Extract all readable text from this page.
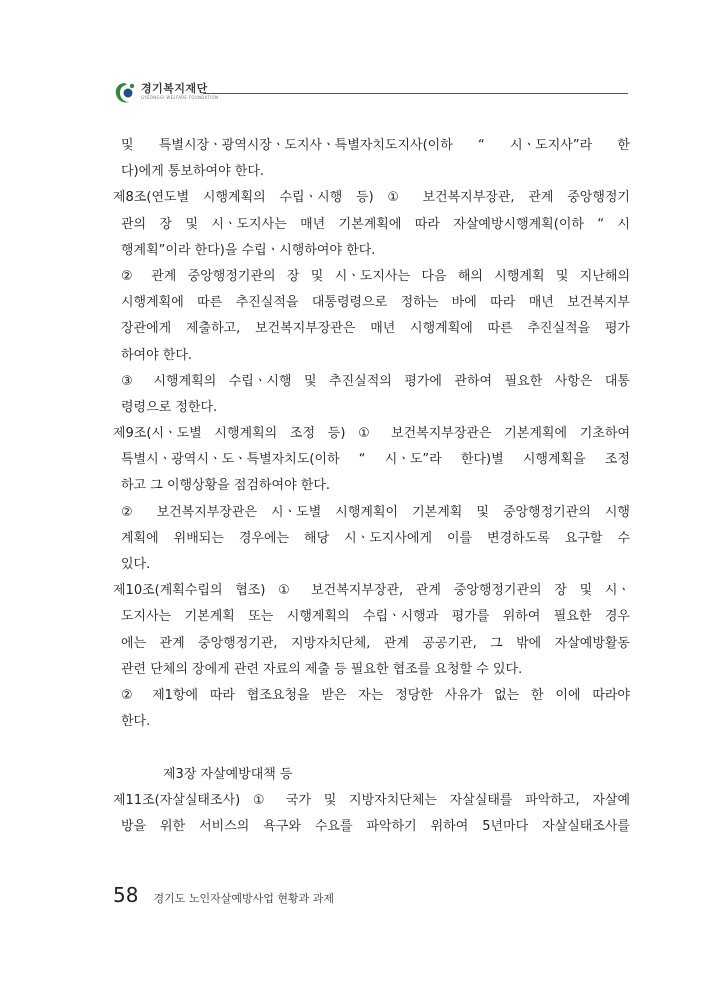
경기복지재단
GYEONGGI WELFARE FOUNDATION
및 특별시장ㆍ광역시장ㆍ도지사ㆍ특별자치도지사(이하 “ 시ㆍ도지사”라 한
다)에게 통보하여야 한다.
제8조(연도별 시행계획의 수립ㆍ시행 등) ① 보건복지부장관, 관계 중앙행정기
관의 장 및 시ㆍ도지사는 매년 기본계획에 따라 자살예방시행계획(이하 “ 시
행계획”이라 한다)을 수립ㆍ시행하여야 한다.
② 관계 중앙행정기관의 장 및 시ㆍ도지사는 다음 해의 시행계획 및 지난해의
시행계획에 따른 추진실적을 대통령령으로 정하는 바에 따라 매년 보건복지부
장관에게 제출하고, 보건복지부장관은 매년 시행계획에 따른 추진실적을 평가
하여야 한다.
③ 시행계획의 수립ㆍ시행 및 추진실적의 평가에 관하여 필요한 사항은 대통
령령으로 정한다.
제9조(시ㆍ도별 시행계획의 조정 등) ① 보건복지부장관은 기본계획에 기초하여
특별시ㆍ광역시ㆍ도ㆍ특별자치도(이하 “ 시ㆍ도”라 한다)별 시행계획을 조정
하고 그 이행상황을 점검하여야 한다.
② 보건복지부장관은 시ㆍ도별 시행계획이 기본계획 및 중앙행정기관의 시행
계획에 위배되는 경우에는 해당 시ㆍ도지사에게 이를 변경하도록 요구할 수
있다.
제10조(계획수립의 협조) ① 보건복지부장관, 관계 중앙행정기관의 장 및 시ㆍ
도지사는 기본계획 또는 시행계획의 수립ㆍ시행과 평가를 위하여 필요한 경우
에는 관계 중앙행정기관, 지방자치단체, 관계 공공기관, 그 밖에 자살예방활동
관련 단체의 장에게 관련 자료의 제출 등 필요한 협조를 요청할 수 있다.
② 제1항에 따라 협조요청을 받은 자는 정당한 사유가 없는 한 이에 따라야
한다.
제3장 자살예방대책 등
제11조(자살실태조사) ① 국가 및 지방자치단체는 자살실태를 파악하고, 자살예
방을 위한 서비스의 욕구와 수요를 파악하기 위하여 5년마다 자살실태조사를
58 경기도 노인자살예방사업 현황과 과제
